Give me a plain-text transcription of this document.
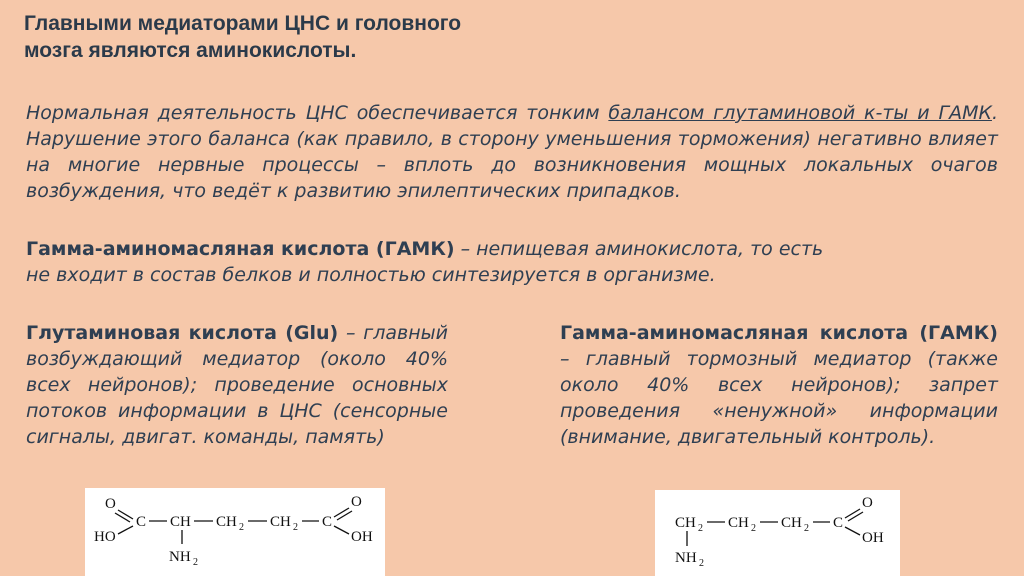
Главными медиаторами ЦНС и головного
мозга являются аминокислоты.
Нормальная деятельность ЦНС обеспечивается тонким балансом глутаминовой к-ты и ГАМК. Нарушение этого баланса (как правило, в сторону уменьшения торможения) негативно влияет на многие нервные процессы – вплоть до возникновения мощных локальных очагов возбуждения, что ведёт к развитию эпилептических припадков.
Гамма-аминомасляная кислота (ГАМК) – непищевая аминокислота, то есть
не входит в состав белков и полностью синтезируется в организме.
Глутаминовая кислота (Glu) – главный возбуждающий медиатор (около 40% всех нейронов); проведение основных потоков информации в ЦНС (сенсорные сигналы, двигат. команды, память)
Гамма-аминомасляная кислота (ГАМК) – главный тормозный медиатор (также около 40% всех нейронов); запрет проведения «ненужной» информации (внимание, двигательный контроль).
O
HO
C CH
NH 2
CH 2 CH 2 C
O
OH
CH 2
NH 2
CH 2 CH 2 C
O
OH
